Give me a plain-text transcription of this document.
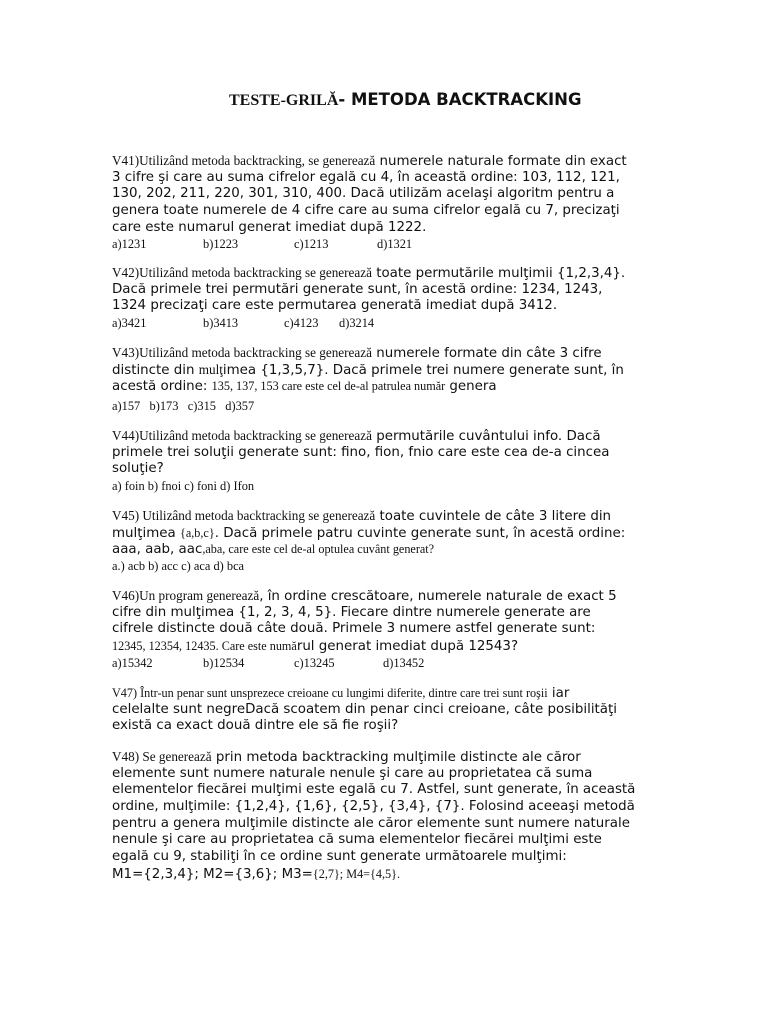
TESTE-GRILĂ- METODA BACKTRACKING
V41)Utilizând metoda backtracking, se generează numerele naturale formate din exact
3 cifre şi care au suma cifrelor egală cu 4, în această ordine: 103, 112, 121,
130, 202, 211, 220, 301, 310, 400. Dacă utilizăm acelaşi algoritm pentru a
genera toate numerele de 4 cifre care au suma cifrelor egală cu 7, precizaţi
care este numarul generat imediat după 1222.
a)1231	b)1223	c)1213	d)1321
V42)Utilizând metoda backtracking se generează toate permutările mulţimii {1,2,3,4}.
Dacă primele trei permutări generate sunt, în acestă ordine: 1234, 1243,
1324 precizaţi care este permutarea generată imediat după 3412.
a)3421	b)3413	c)4123 d)3214
V43)Utilizând metoda backtracking se generează numerele formate din câte 3 cifre
distincte din mulţimea {1,3,5,7}. Dacă primele trei numere generate sunt, în
acestă ordine: 135, 137, 153 care este cel de-al patrulea număr genera
a)157 b)173 c)315 d)357
V44)Utilizând metoda backtracking se generează permutările cuvântului info. Dacă
primele trei soluţii generate sunt: fino, fion, fnio care este cea de-a cincea
soluţie?
a) foin b) fnoi c) foni d) Ifon
V45) Utilizând metoda backtracking se generează toate cuvintele de câte 3 litere din
mulţimea {a,b,c}. Dacă primele patru cuvinte generate sunt, în acestă ordine:
aaa, aab, aac,aba, care este cel de-al optulea cuvânt generat?
a.) acb b) acc c) aca d) bca
V46)Un program generează, în ordine crescătoare, numerele naturale de exact 5
cifre din mulţimea {1, 2, 3, 4, 5}. Fiecare dintre numerele generate are
cifrele distincte două câte două. Primele 3 numere astfel generate sunt:
12345, 12354, 12435. Care este numărul generat imediat după 12543?
a)15342	b)12534	c)13245	d)13452
V47) Într-un penar sunt unsprezece creioane cu lungimi diferite, dintre care trei sunt roşii iar
celelalte sunt negreDacă scoatem din penar cinci creioane, câte posibilităţi
există ca exact două dintre ele să fie roşii?
V48) Se generează prin metoda backtracking mulţimile distincte ale căror
elemente sunt numere naturale nenule şi care au proprietatea că suma
elementelor fiecărei mulţimi este egală cu 7. Astfel, sunt generate, în această
ordine, mulţimile: {1,2,4}, {1,6}, {2,5}, {3,4}, {7}. Folosind aceeaşi metodă
pentru a genera mulţimile distincte ale căror elemente sunt numere naturale
nenule şi care au proprietatea că suma elementelor fiecărei mulţimi este
egală cu 9, stabiliţi în ce ordine sunt generate următoarele mulţimi:
M1={2,3,4}; M2={3,6}; M3={2,7}; M4={4,5}.
